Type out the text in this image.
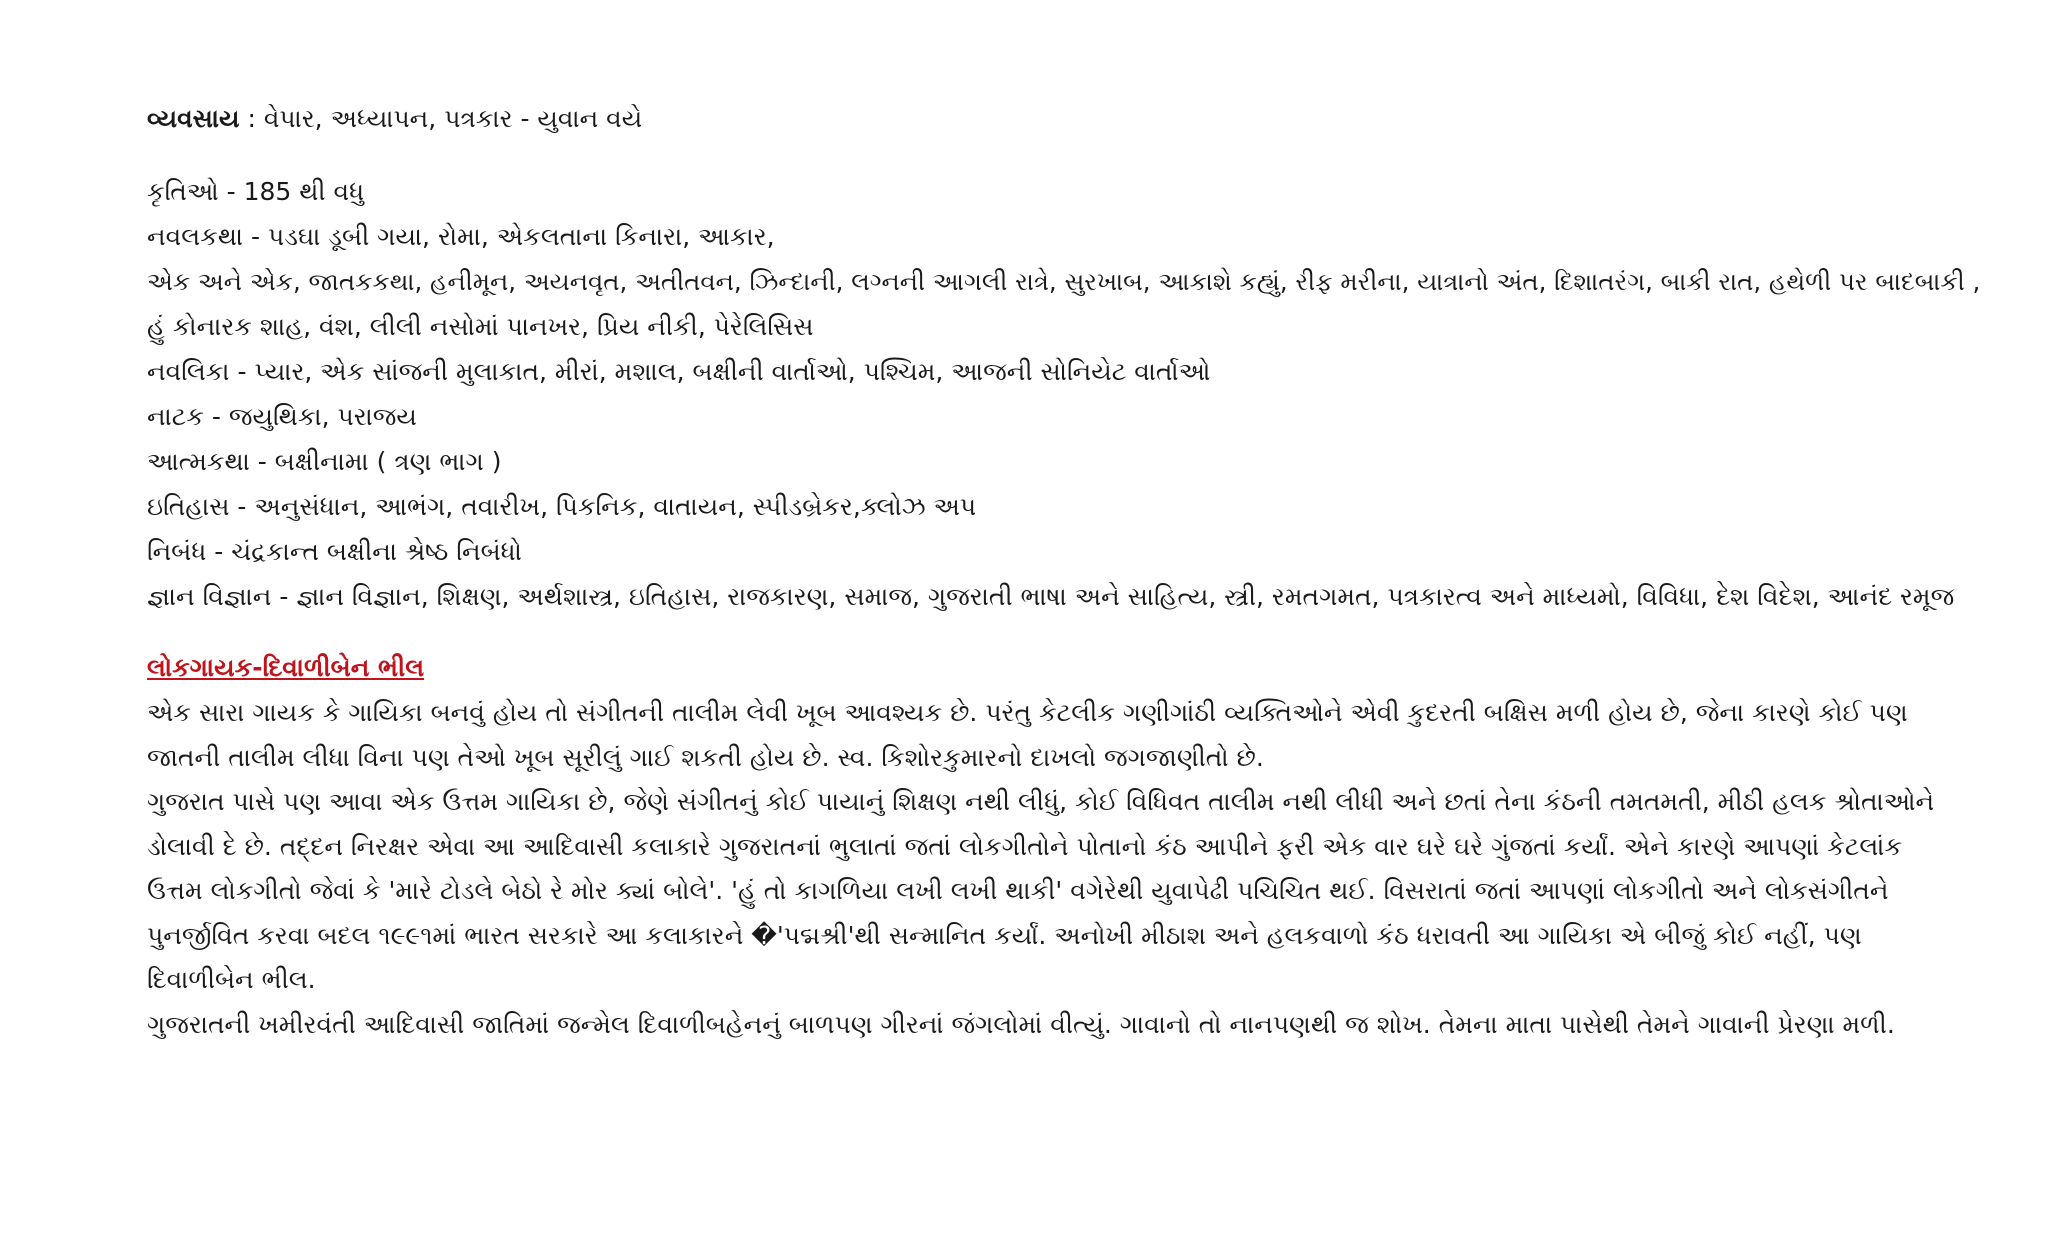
વ્યવસાય : વેપાર, અધ્યાપન, પત્રકાર - યુવાન વયે
કૃતિઓ - 185 થી વધુ
નવલકથા - પડઘા ડૂબી ગયા, રોમા, એકલતાના કિનારા, આકાર,
એક અને એક, જાતકકથા, હનીમૂન, અયનવૃત, અતીતવન, ઝિન્દાની, લગ્નની આગલી રાત્રે, સુરખાબ, આકાશે કહ્યું, રીફ મરીના, યાત્રાનો અંત, દિશાતરંગ, બાકી રાત, હથેળી પર બાદબાકી ,
હું કોનારક શાહ, વંશ, લીલી નસોમાં પાનખર, પ્રિય નીકી, પેરેલિસિસ
નવલિકા - પ્યાર, એક સાંજની મુલાકાત, મીરાં, મશાલ, બક્ષીની વાર્તાઓ, પશ્ચિમ, આજની સોનિયેટ વાર્તાઓ
નાટક - જયુથિકા, પરાજય
આત્મકથા - બક્ષીનામા ( ત્રણ ભાગ )
ઇતિહાસ - અનુસંધાન, આભંગ, તવારીખ, પિકનિક, વાતાયન, સ્પીડબ્રેકર,ક્લોઝ અપ
નિબંધ - ચંદ્રકાન્ત બક્ષીના શ્રેષ્ઠ નિબંધો
જ્ઞાન વિજ્ઞાન - જ્ઞાન વિજ્ઞાન, શિક્ષણ, અર્થશાસ્ત્ર, ઇતિહાસ, રાજકારણ, સમાજ, ગુજરાતી ભાષા અને સાહિત્ય, સ્ત્રી, રમતગમત, પત્રકારત્વ અને માધ્યમો, વિવિધા, દેશ વિદેશ, આનંદ રમૂજ
લોકગાયક-દિવાળીબેન ભીલ
એક સારા ગાયક કે ગાયિકા બનવું હોય તો સંગીતની તાલીમ લેવી ખૂબ આવશ્યક છે. પરંતુ કેટલીક ગણીગાંઠી વ્યક્તિઓને એવી કુદરતી બક્ષિસ મળી હોય છે, જેના કારણે કોઈ પણ
જાતની તાલીમ લીધા વિના પણ તેઓ ખૂબ સૂરીલું ગાઈ શકતી હોય છે. સ્વ. કિશોરકુમારનો દાખલો જગજાણીતો છે.
ગુજરાત પાસે પણ આવા એક ઉત્તમ ગાયિકા છે, જેણે સંગીતનું કોઈ પાયાનું શિક્ષણ નથી લીધું, કોઈ વિધિવત તાલીમ નથી લીધી અને છતાં તેના કંઠની તમતમતી, મીઠી હલક શ્રોતાઓને
ડોલાવી દે છે. તદ્દન નિરક્ષર એવા આ આદિવાસી કલાકારે ગુજરાતનાં ભુલાતાં જતાં લોકગીતોને પોતાનો કંઠ આપીને ફરી એક વાર ઘરે ઘરે ગુંજતાં કર્યાં. એને કારણે આપણાં કેટલાંક
ઉત્તમ લોકગીતો જેવાં કે 'મારે ટોડલે બેઠો રે મોર ક્યાં બોલે'. 'હું તો કાગળિયા લખી લખી થાકી' વગેરેથી યુવાપેઢી પચિચિત થઈ. વિસરાતાં જતાં આપણાં લોકગીતો અને લોકસંગીતને
પુનર્જીવિત કરવા બદલ ૧૯૯૧માં ભારત સરકારે આ કલાકારને �'પદ્મશ્રી'થી સન્માનિત કર્યાં. અનોખી મીઠાશ અને હલકવાળો કંઠ ધરાવતી આ ગાયિકા એ બીજું કોઈ નહીં, પણ
દિવાળીબેન ભીલ.
ગુજરાતની ખમીરવંતી આદિવાસી જાતિમાં જન્મેલ દિવાળીબહેનનું બાળપણ ગીરનાં જંગલોમાં વીત્યું. ગાવાનો તો નાનપણથી જ શોખ. તેમના માતા પાસેથી તેમને ગાવાની પ્રેરણા મળી.
